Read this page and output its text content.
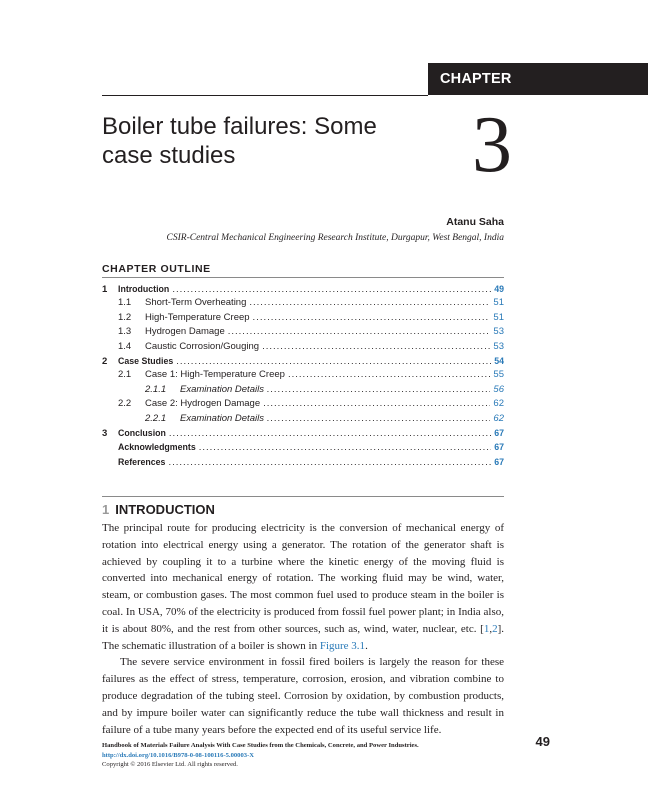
CHAPTER
Boiler tube failures: Some case studies	3
Atanu Saha
CSIR-Central Mechanical Engineering Research Institute, Durgapur, West Bengal, India
CHAPTER OUTLINE
1	Introduction .....	49
1.1	Short-Term Overheating .....	51
1.2	High-Temperature Creep .....	51
1.3	Hydrogen Damage .....	53
1.4	Caustic Corrosion/Gouging .....	53
2	Case Studies .....	54
2.1	Case 1: High-Temperature Creep .....	55
2.1.1	Examination Details .....	56
2.2	Case 2: Hydrogen Damage .....	62
2.2.1	Examination Details .....	62
3	Conclusion .....	67
Acknowledgments .....	67
References .....	67
1 INTRODUCTION

The principal route for producing electricity is the conversion of mechanical energy of rotation into electrical energy using a generator. The rotation of the generator shaft is achieved by coupling it to a turbine where the kinetic energy of the moving fluid is converted into mechanical energy of rotation. The working fluid may be wind, water, steam, or combustion gases. The most common fuel used to produce steam in the boiler is coal. In USA, 70% of the electricity is produced from fossil fuel power plant; in India also, it is about 80%, and the rest from other sources, such as, wind, water, nuclear, etc. [1,2]. The schematic illustration of a boiler is shown in Figure 3.1.

The severe service environment in fossil fired boilers is largely the reason for these failures as the effect of stress, temperature, corrosion, erosion, and vibration combine to produce degradation of the tubing steel. Corrosion by oxidation, by combustion products, and by impure boiler water can significantly reduce the tube wall thickness and result in failure of a tube many years before the expected end of its useful service life.

Handbook of Materials Failure Analysis With Case Studies from the Chemicals, Concrete, and Power Industries.
http://dx.doi.org/10.1016/B978-0-08-100116-5.00003-X
Copyright © 2016 Elsevier Ltd. All rights reserved.
49
